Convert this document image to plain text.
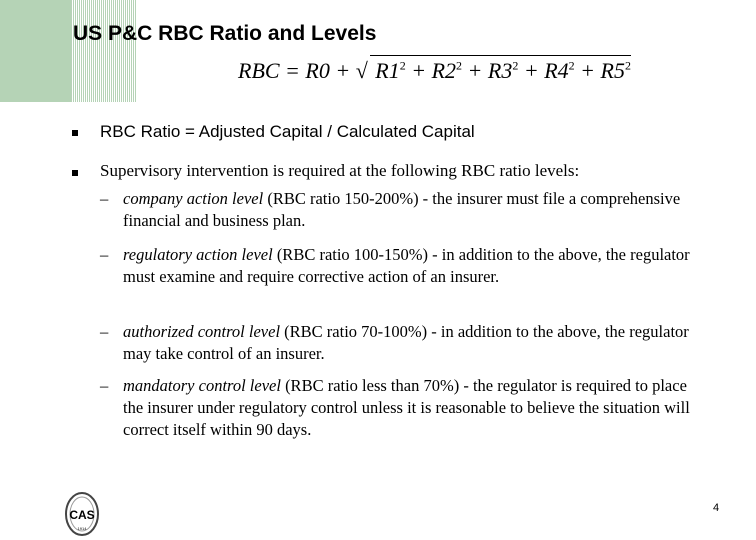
US P&C RBC Ratio and Levels
RBC = R0 + √ $R1^2 + R2^2 + R3^2 + R4^2 + R5^2$
RBC Ratio = Adjusted Capital / Calculated Capital
Supervisory intervention is required at the following RBC ratio levels:
– company action level (RBC ratio 150-200%) - the insurer must file a comprehensive financial and business plan.
– regulatory action level (RBC ratio 100-150%) - in addition to the above, the regulator must examine and require corrective action of an insurer.
– authorized control level (RBC ratio 70-100%) - in addition to the above, the regulator may take control of an insurer.
– mandatory control level (RBC ratio less than 70%) - the regulator is required to place the insurer under regulatory control unless it is reasonable to believe the situation will correct itself within 90 days.
CAS
1914
4
